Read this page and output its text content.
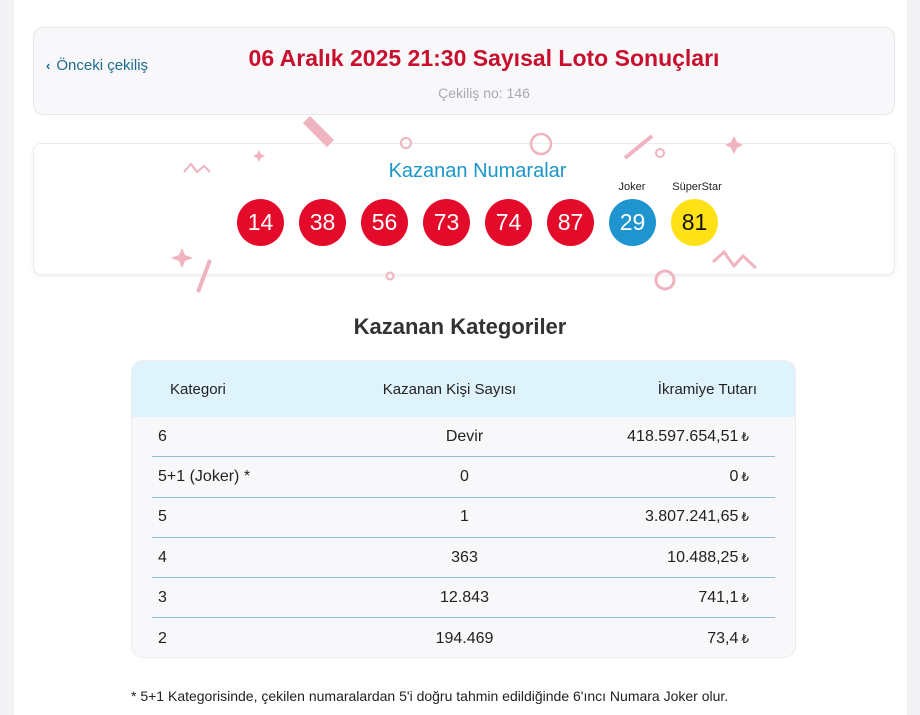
‹ Önceki çekiliş	06 Aralık 2025 21:30 Sayısal Loto Sonuçları
Çekiliş no: 146
Kazanan Numaralar
14	38	56	73	74	87
Joker
29
SüperStar
81
Kazanan Kategoriler
Kategori	Kazanan Kişi Sayısı	İkramiye Tutarı
6	Devir	418.597.654,51 ₺
5+1 (Joker) *	0	0 ₺
5	1	3.807.241,65 ₺
4	363	10.488,25 ₺
3	12.843	741,1 ₺
2	194.469	73,4 ₺
* 5+1 Kategorisinde, çekilen numaralardan 5'i doğru tahmin edildiğinde 6'ıncı Numara Joker olur.
